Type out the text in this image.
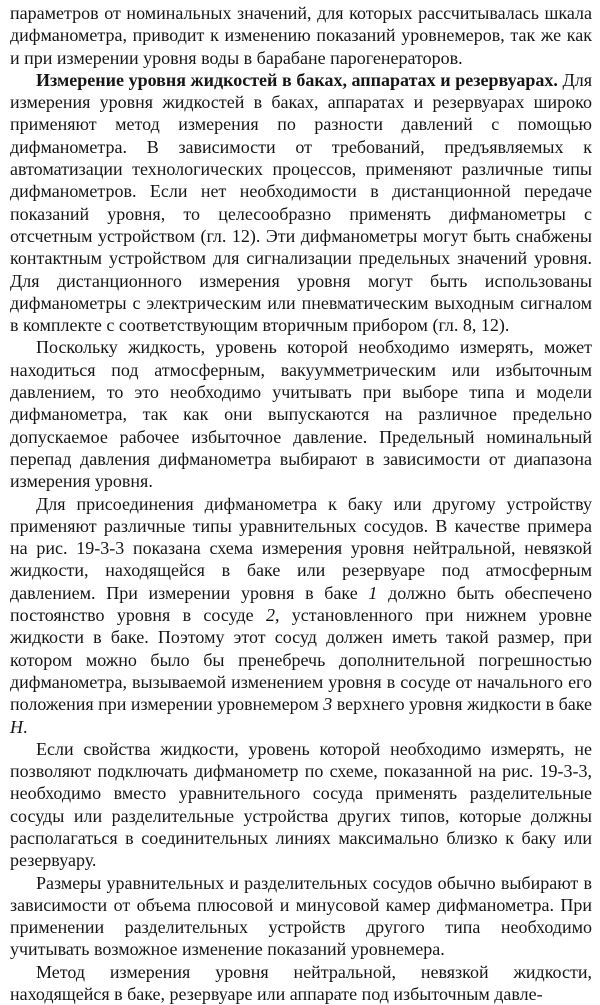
параметров от номинальных значений, для которых рассчитывалась шкала дифманометра, приводит к изменению показаний уровнемеров, так же как и при измерении уровня воды в барабане парогенераторов.

Измерение уровня жидкостей в баках, аппаратах и резервуарах. Для измерения уровня жидкостей в баках, аппаратах и резервуарах широко применяют метод измерения по разности давлений с помощью дифманометра. В зависимости от требований, предъявляемых к автоматизации технологических процессов, применяют различные типы дифманометров. Если нет необходимости в дистанционной передаче показаний уровня, то целесообразно применять дифманометры с отсчетным устройством (гл. 12). Эти дифманометры могут быть снабжены контактным устройством для сигнализации предельных значений уровня. Для дистанционного измерения уровня могут быть использованы дифманометры с электрическим или пневматическим выходным сигналом в комплекте с соответствующим вторичным прибором (гл. 8, 12).

Поскольку жидкость, уровень которой необходимо измерять, может находиться под атмосферным, вакуумметрическим или избыточным давлением, то это необходимо учитывать при выборе типа и модели дифманометра, так как они выпускаются на различное предельно допускаемое рабочее избыточное давление. Предельный номинальный перепад давления дифманометра выбирают в зависимости от диапазона измерения уровня.

Для присоединения дифманометра к баку или другому устройству применяют различные типы уравнительных сосудов. В качестве примера на рис. 19-3-3 показана схема измерения уровня нейтральной, невязкой жидкости, находящейся в баке или резервуаре под атмосферным давлением. При измерении уровня в баке 1 должно быть обеспечено постоянство уровня в сосуде 2, установленного при нижнем уровне жидкости в баке. Поэтому этот сосуд должен иметь такой размер, при котором можно было бы пренебречь дополнительной погрешностью дифманометра, вызываемой изменением уровня в сосуде от начального его положения при измерении уровнемером 3 верхнего уровня жидкости в баке H.

Если свойства жидкости, уровень которой необходимо измерять, не позволяют подключать дифманометр по схеме, показанной на рис. 19-3-3, необходимо вместо уравнительного сосуда применять разделительные сосуды или разделительные устройства других типов, которые должны располагаться в соединительных линиях максимально близко к баку или резервуару.

Размеры уравнительных и разделительных сосудов обычно выбирают в зависимости от объема плюсовой и минусовой камер дифманометра. При применении разделительных устройств другого типа необходимо учитывать возможное изменение показаний уровнемера.

Метод измерения уровня нейтральной, невязкой жидкости, находящейся в баке, резервуаре или аппарате под избыточным давле-
